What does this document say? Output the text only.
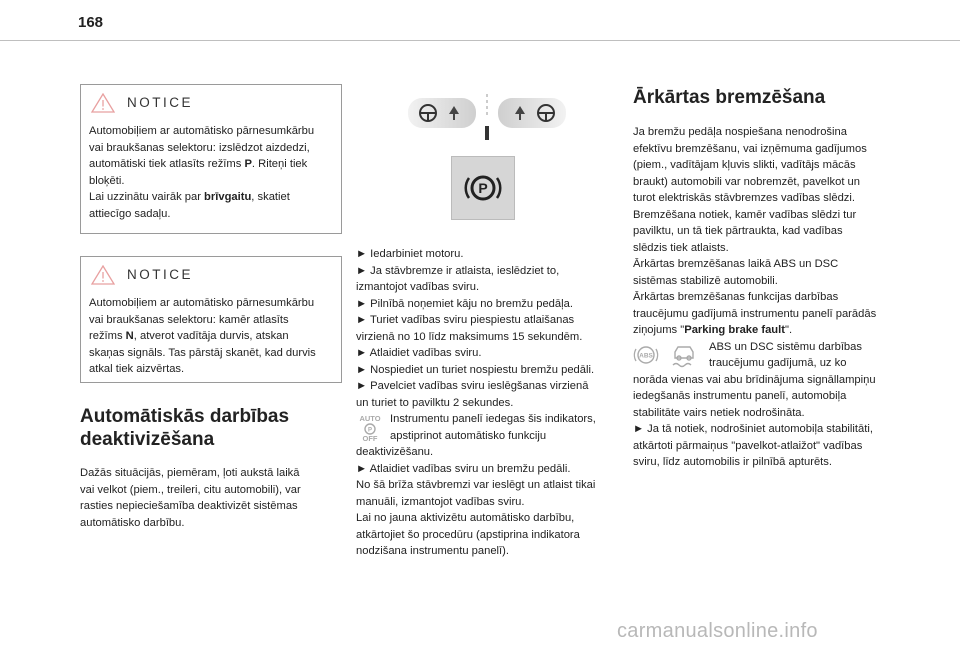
168
NOTICE
Automobiļiem ar automātisko pārnesumkārbu
vai braukšanas selektoru: izslēdzot aizdedzi,
automātiski tiek atlasīts režīms P. Riteņi tiek
bloķēti.
Lai uzzinātu vairāk par brīvgaitu, skatiet
attiecīgo sadaļu.
NOTICE
Automobiļiem ar automātisko pārnesumkārbu
vai braukšanas selektoru: kamēr atlasīts
režīms N, atverot vadītāja durvis, atskan
skaņas signāls. Tas pārstāj skanēt, kad durvis
atkal tiek aizvērtas.
Automātiskās darbības
deaktivizēšana
Dažās situācijās, piemēram, ļoti aukstā laikā
vai velkot (piem., treileri, citu automobili), var
rasties nepieciešamība deaktivizēt sistēmas
automātisko darbību.
P
► Iedarbiniet motoru.
► Ja stāvbremze ir atlaista, ieslēdziet to,
izmantojot vadības sviru.
► Pilnībā noņemiet kāju no bremžu pedāļa.
► Turiet vadības sviru piespiestu atlaišanas
virzienā no 10 līdz maksimums 15 sekundēm.
► Atlaidiet vadības sviru.
► Nospiediet un turiet nospiestu bremžu pedāli.
► Pavelciet vadības sviru ieslēgšanas virzienā
un turiet to pavilktu 2 sekundes.
AUTO
P
OFF
Instrumentu panelī iedegas šis indikators,
apstiprinot automātisko funkciju
deaktivizēšanu.
► Atlaidiet vadības sviru un bremžu pedāli.
No šā brīža stāvbremzi var ieslēgt un atlaist tikai
manuāli, izmantojot vadības sviru.
Lai no jauna aktivizētu automātisko darbību,
atkārtojiet šo procedūru (apstiprina indikatora
nodzišana instrumentu panelī).
Ārkārtas bremzēšana
Ja bremžu pedāļa nospiešana nenodrošina
efektīvu bremzēšanu, vai izņēmuma gadījumos
(piem., vadītājam kļuvis slikti, vadītājs mācās
braukt) automobili var nobremzēt, pavelkot un
turot elektriskās stāvbremzes vadības slēdzi.
Bremzēšana notiek, kamēr vadības slēdzi tur
pavilktu, un tā tiek pārtraukta, kad vadības
slēdzis tiek atlaists.
Ārkārtas bremzēšanas laikā ABS un DSC
sistēmas stabilizē automobili.
Ārkārtas bremzēšanas funkcijas darbības
traucējumu gadījumā instrumentu panelī parādās
ziņojums "Parking brake fault".
ABS
ABS un DSC sistēmu darbības
traucējumu gadījumā, uz ko
norāda vienas vai abu brīdinājuma signāllampiņu
iedegšanās instrumentu panelī, automobiļa
stabilitāte vairs netiek nodrošināta.
► Ja tā notiek, nodrošiniet automobiļa stabilitāti,
atkārtoti pārmaiņus "pavelkot-atlaižot" vadības
sviru, līdz automobilis ir pilnībā apturēts.
carmanualsonline.info
